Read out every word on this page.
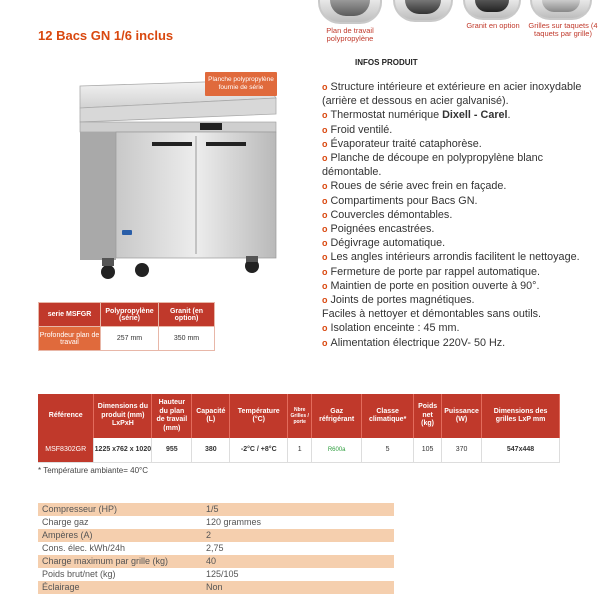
Plan de travail polypropylène
Granit en option	Grilles sur taquets (4 taquets par grille)
12 Bacs GN 1/6 inclus
Planche polypropylène fournie de série
INFOS PRODUIT
o Structure intérieure et extérieure en acier inoxydable (arrière et dessous en acier galvanisé).
o Thermostat numérique Dixell - Carel.
o Froid ventilé.
o Évaporateur traité cataphorèse.
o Planche de découpe en polypropylène blanc démontable.
o Roues de série avec frein en façade.
o Compartiments pour Bacs GN.
o Couvercles démontables.
o Poignées encastrées.
o Dégivrage automatique.
o Les angles intérieurs arrondis facilitent le nettoyage.
o Fermeture de porte par rappel automatique.
o Maintien de porte en position ouverte à 90°.
o Joints de portes magnétiques.
Faciles à nettoyer et démontables sans outils.
o Isolation enceinte : 45 mm.
o Alimentation électrique 220V- 50 Hz.
serie MSFGR	Polypropylène (série)	Granit (en option)
Profondeur plan de travail	257 mm	350 mm
Référence	Dimensions du produit (mm) LxPxH	Hauteur du plan de travail (mm)	Capacité (L)	Température (°C)	Nbre Grilles / porte	Gaz réfrigérant	Classe climatique*	Poids net (kg)	Puissance (W)	Dimensions des grilles LxP mm
MSF8302GR	1225 x762 x 1020	955	380	-2°C / +8°C	1	R600a	5	105	370	547x448
* Température ambiante= 40°C
Compresseur (HP)	1/5
Charge gaz	120 grammes
Ampères (A)	2
Cons. élec. kWh/24h	2,75
Charge maximum par grille (kg)	40
Poids brut/net (kg)	125/105
Éclairage	Non
